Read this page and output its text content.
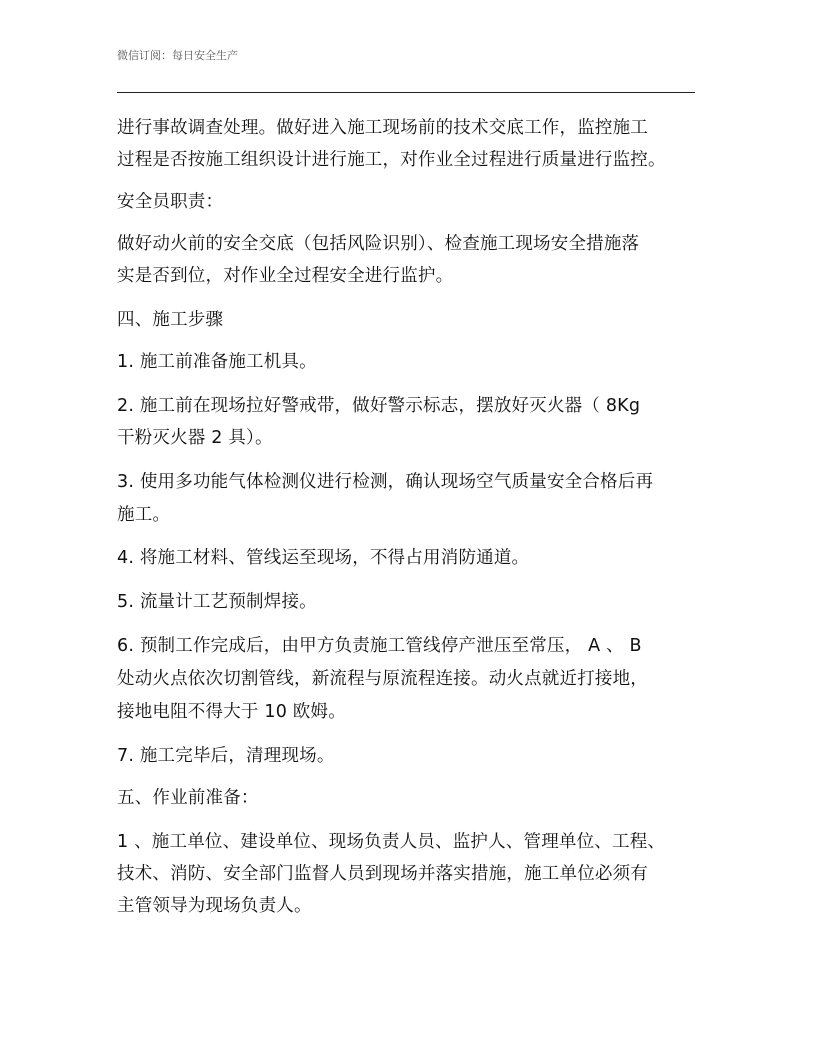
微信订阅：每日安全生产
进行事故调查处理。做好进入施工现场前的技术交底工作，监控施工
过程是否按施工组织设计进行施工，对作业全过程进行质量进行监控。
安全员职责：
做好动火前的安全交底（包括风险识别）、检查施工现场安全措施落
实是否到位，对作业全过程安全进行监护。
四、施工步骤
1. 施工前准备施工机具。
2. 施工前在现场拉好警戒带，做好警示标志，摆放好灭火器（ 8Kg
干粉灭火器 2 具）。
3. 使用多功能气体检测仪进行检测，确认现场空气质量安全合格后再
施工。
4. 将施工材料、管线运至现场，不得占用消防通道。
5. 流量计工艺预制焊接。
6. 预制工作完成后，由甲方负责施工管线停产泄压至常压， A 、 B
处动火点依次切割管线，新流程与原流程连接。动火点就近打接地，
接地电阻不得大于 10 欧姆。
7. 施工完毕后，清理现场。
五、作业前准备：
1 、施工单位、建设单位、现场负责人员、监护人、管理单位、工程、
技术、消防、安全部门监督人员到现场并落实措施，施工单位必须有
主管领导为现场负责人。
